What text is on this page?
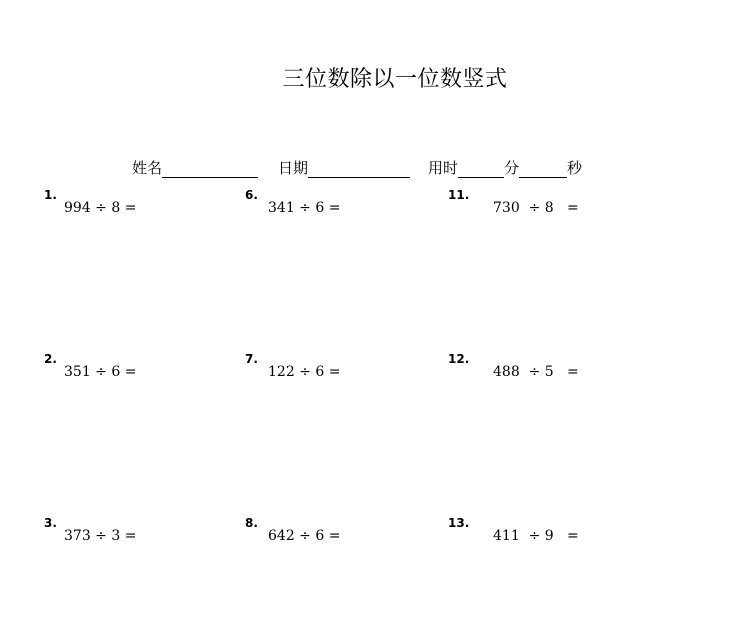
三位数除以一位数竖式
姓名	日期	用时	分	秒
1.
994 ÷ 8 =
2.
351 ÷ 6 =
3.
373 ÷ 3 =
6.
341 ÷ 6 =
7.
122 ÷ 6 =
8.
642 ÷ 6 =
11.
730  ÷ 8   =
12.
488  ÷ 5   =
13.
411  ÷ 9   =
